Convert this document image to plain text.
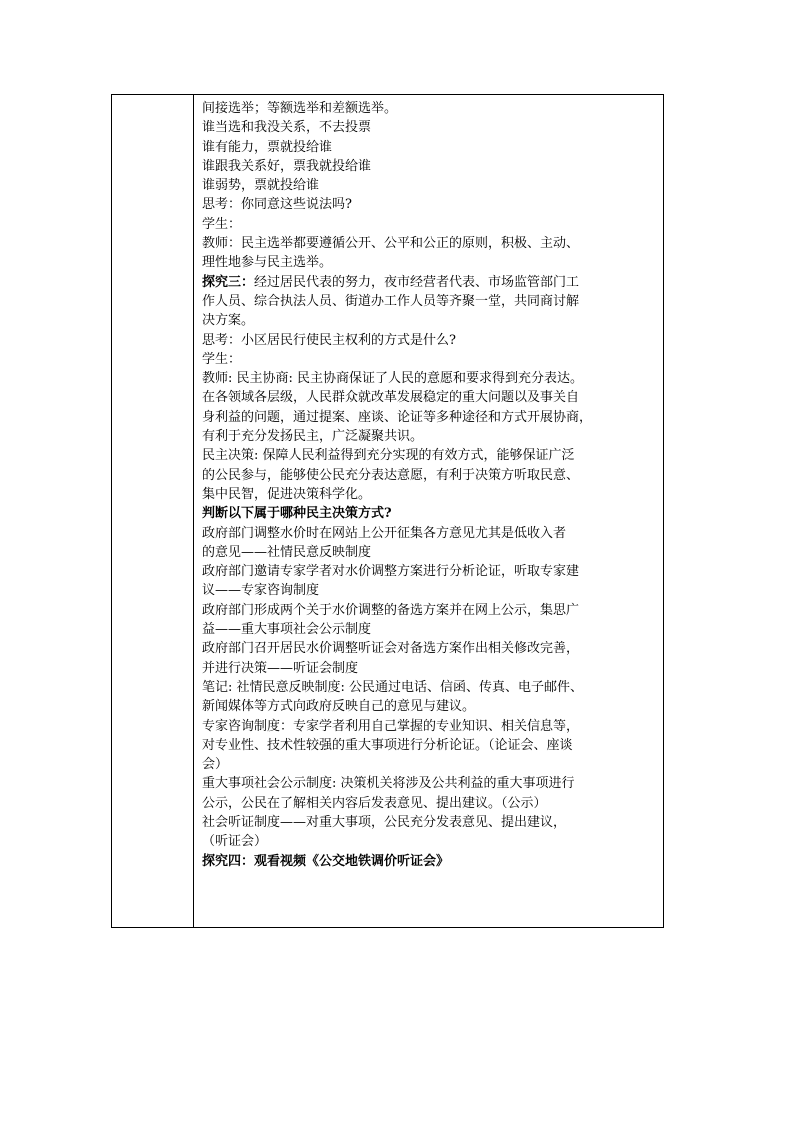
间接选举；等额选举和差额选举。
谁当选和我没关系，不去投票
谁有能力，票就投给谁
谁跟我关系好，票我就投给谁
谁弱势，票就投给谁
思考：你同意这些说法吗?
学生：
教师：民主选举都要遵循公开、公平和公正的原则，积极、主动、
理性地参与民主选举。
探究三：经过居民代表的努力，夜市经营者代表、市场监管部门工
作人员、综合执法人员、街道办工作人员等齐聚一堂，共同商讨解
决方案。
思考：小区居民行使民主权利的方式是什么?
学生：
教师: 民主协商: 民主协商保证了人民的意愿和要求得到充分表达。
在各领域各层级，人民群众就改革发展稳定的重大问题以及事关自
身利益的问题，通过提案、座谈、论证等多种途径和方式开展协商，
有利于充分发扬民主，广泛凝聚共识。
民主决策: 保障人民利益得到充分实现的有效方式，能够保证广泛
的公民参与，能够使公民充分表达意愿，有利于决策方听取民意、
集中民智，促进决策科学化。
判断以下属于哪种民主决策方式?
政府部门调整水价时在网站上公开征集各方意见尤其是低收入者
的意见——社情民意反映制度
政府部门邀请专家学者对水价调整方案进行分析论证，听取专家建
议——专家咨询制度
政府部门形成两个关于水价调整的备选方案并在网上公示，集思广
益——重大事项社会公示制度
政府部门召开居民水价调整听证会对备选方案作出相关修改完善，
并进行决策——听证会制度
笔记: 社情民意反映制度: 公民通过电话、信函、传真、电子邮件、
新闻媒体等方式向政府反映自己的意见与建议。
专家咨询制度：专家学者利用自己掌握的专业知识、相关信息等，
对专业性、技术性较强的重大事项进行分析论证。（论证会、座谈
会）
重大事项社会公示制度: 决策机关将涉及公共利益的重大事项进行
公示，公民在了解相关内容后发表意见、提出建议。（公示）
社会听证制度——对重大事项，公民充分发表意见、提出建议，
（听证会）
探究四：观看视频《公交地铁调价听证会》
